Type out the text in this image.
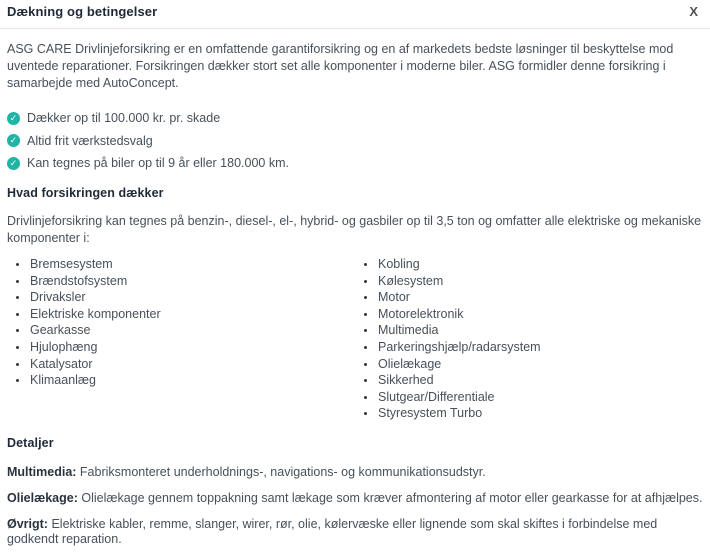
Dækning og betingelser	X

ASG CARE Drivlinjeforsikring er en omfattende garantiforsikring og en af markedets bedste løsninger til beskyttelse mod uventede reparationer. Forsikringen dækker stort set alle komponenter i moderne biler. ASG formidler denne forsikring i samarbejde med AutoConcept.

✓ Dækker op til 100.000 kr. pr. skade
✓ Altid frit værkstedsvalg
✓ Kan tegnes på biler op til 9 år eller 180.000 km.
Hvad forsikringen dækker

Drivlinjeforsikring kan tegnes på benzin-, diesel-, el-, hybrid- og gasbiler op til 3,5 ton og omfatter alle elektriske og mekaniske komponenter i:

• Bremsesystem
• Brændstofsystem
• Drivaksler
• Elektriske komponenter
• Gearkasse
• Hjulophæng
• Katalysator
• Klimaanlæg
• Kobling
• Kølesystem
• Motor
• Motorelektronik
• Multimedia
• Parkeringshjælp/radarsystem
• Olielækage
• Sikkerhed
• Slutgear/Differentiale
• Styresystem Turbo
Detaljer

Multimedia: Fabriksmonteret underholdnings-, navigations- og kommunikationsudstyr.

Olielækage: Olielækage gennem toppakning samt lækage som kræver afmontering af motor eller gearkasse for at afhjælpes.

Øvrigt: Elektriske kabler, remme, slanger, wirer, rør, olie, kølervæske eller lignende som skal skiftes i forbindelse med godkendt reparation.
